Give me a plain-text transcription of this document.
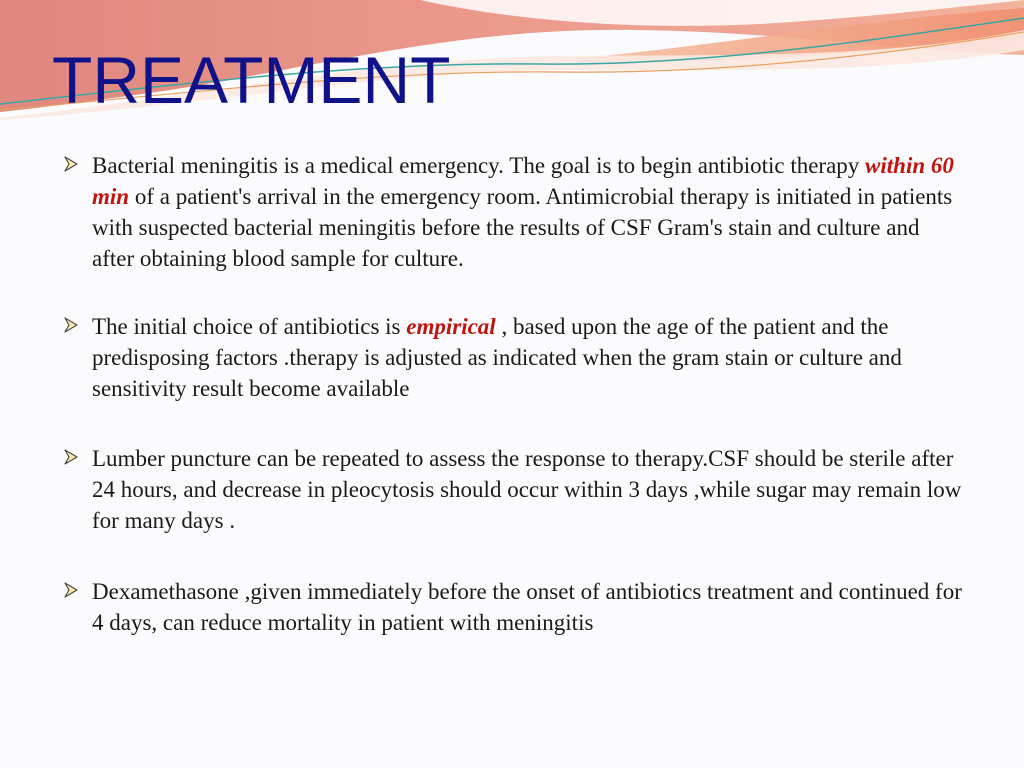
TREATMENT
Bacterial meningitis is a medical emergency. The goal is to begin antibiotic therapy within 60 min of a patient's arrival in the emergency room. Antimicrobial therapy is initiated in patients with suspected bacterial meningitis before the results of CSF Gram's stain and culture and after obtaining blood sample for culture.
The initial choice of antibiotics is empirical , based upon the age of the patient and the predisposing factors .therapy is adjusted as indicated when the gram stain or culture and sensitivity result become available
Lumber puncture can be repeated to assess the response to therapy.CSF should be sterile after 24 hours, and decrease in pleocytosis should occur within 3 days ,while sugar may remain low for many days .
Dexamethasone ,given immediately before the onset of antibiotics treatment and continued for 4 days, can reduce mortality in patient with meningitis
